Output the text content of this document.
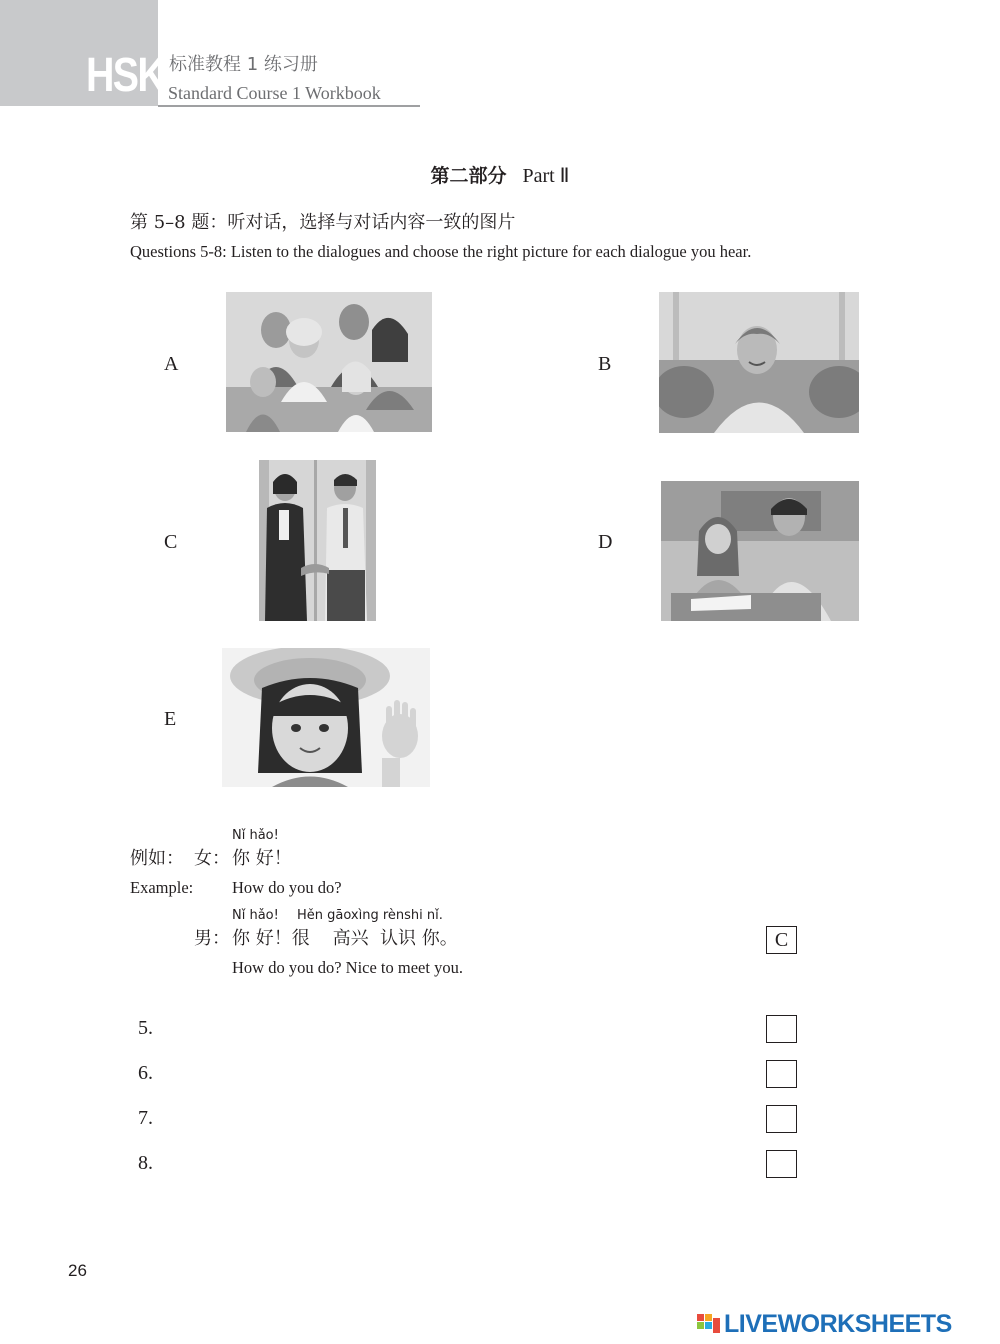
HSK 标准教程 1 练习册
Standard Course 1 Workbook
第二部分 Part Ⅱ
第 5–8 题：听对话，选择与对话内容一致的图片
Questions 5-8: Listen to the dialogues and choose the right picture for each dialogue you hear.
A	B
C	D
E
Nǐ hǎo!
例如： 女： 你 好！
Example: How do you do?
Nǐ hǎo! Hěn gāoxìng rènshi nǐ.
男： 你 好！很    高兴  认识 你。
How do you do? Nice to meet you.
C
5.
6.
7.
8.
26
LIVEWORKSHEETS
